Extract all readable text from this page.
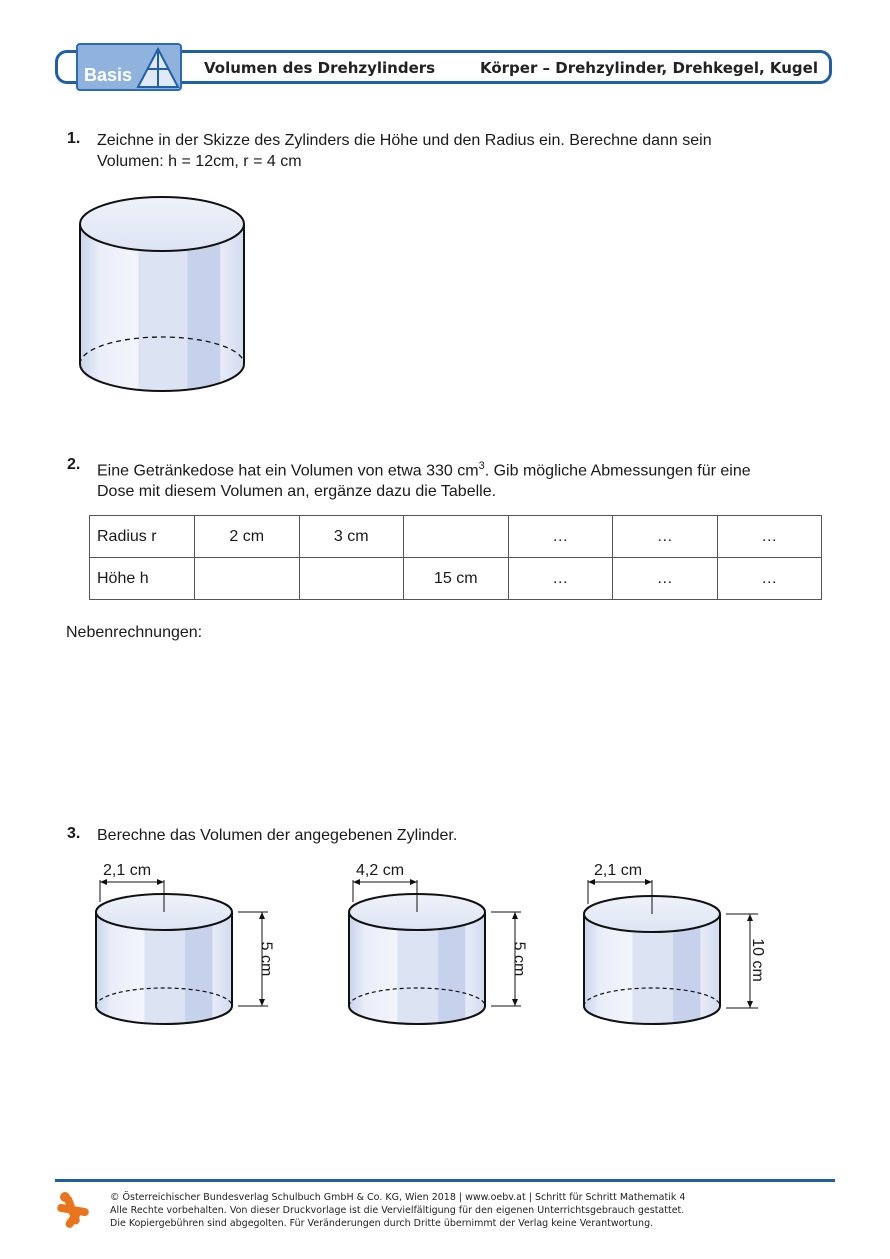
Basis	Volumen des Drehzylinders	Körper – Drehzylinder, Drehkegel, Kugel
1. Zeichne in der Skizze des Zylinders die Höhe und den Radius ein. Berechne dann sein
Volumen: h = 12cm, r = 4 cm
2. Eine Getränkedose hat ein Volumen von etwa 330 $cm^3$. Gib mögliche Abmessungen für eine
Dose mit diesem Volumen an, ergänze dazu die Tabelle.
Radius r	2 cm	3 cm		…	…	…
Höhe h			15 cm	…	…	…
Nebenrechnungen:
3. Berechne das Volumen der angegebenen Zylinder.
2,1 cm
5 cm
4,2 cm
5 cm
2,1 cm
10 cm
© Österreichischer Bundesverlag Schulbuch GmbH & Co. KG, Wien 2018 | www.oebv.at | Schritt für Schritt Mathematik 4
Alle Rechte vorbehalten. Von dieser Druckvorlage ist die Vervielfältigung für den eigenen Unterrichtsgebrauch gestattet.
Die Kopiergebühren sind abgegolten. Für Veränderungen durch Dritte übernimmt der Verlag keine Verantwortung.
